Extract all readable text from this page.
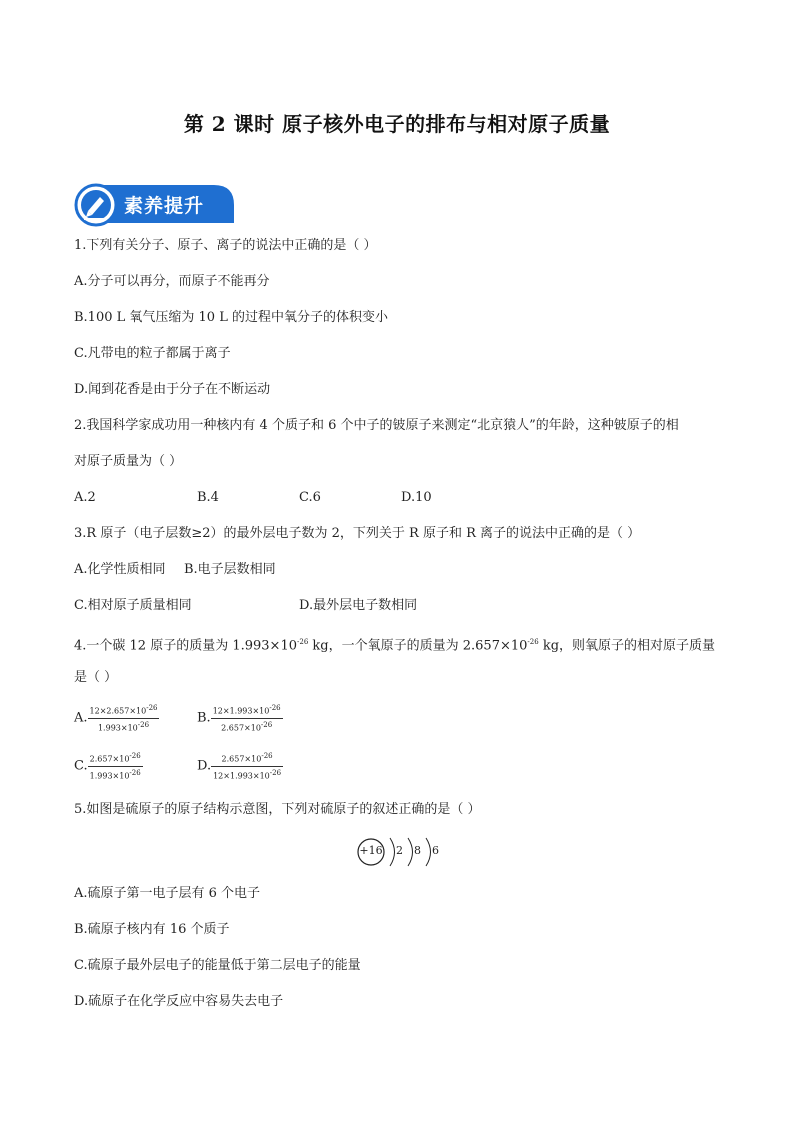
第 2 课时 原子核外电子的排布与相对原子质量
素养提升
1.下列有关分子、原子、离子的说法中正确的是（ ）
A.分子可以再分，而原子不能再分
B.100 L 氧气压缩为 10 L 的过程中氧分子的体积变小
C.凡带电的粒子都属于离子
D.闻到花香是由于分子在不断运动
2.我国科学家成功用一种核内有 4 个质子和 6 个中子的铍原子来测定“北京猿人”的年龄，这种铍原子的相
对原子质量为（ ）
A.2	B.4	C.6	D.10
3.R 原子（电子层数≥2）的最外层电子数为 2，下列关于 R 原子和 R 离子的说法中正确的是（ ）
A.化学性质相同 B.电子层数相同
C.相对原子质量相同	D.最外层电子数相同
4.一个碳 12 原子的质量为 $1.993\times 10^{-26}$ kg，一个氧原子的质量为 $2.657\times 10^{-26}$ kg，则氧原子的相对原子质量
是（ ）
A. $\frac{12\times 2.657\times 10^{-26}}{1.993\times 10^{-26}}$	B. $\frac{12\times 1.993\times 10^{-26}}{2.657\times 10^{-26}}$
C. $\frac{2.657\times 10^{-26}}{1.993\times 10^{-26}}$	D. $\frac{2.657\times 10^{-26}}{12\times 1.993\times 10^{-26}}$
5.如图是硫原子的原子结构示意图，下列对硫原子的叙述正确的是（ ）
+16 2 8 6
A.硫原子第一电子层有 6 个电子
B.硫原子核内有 16 个质子
C.硫原子最外层电子的能量低于第二层电子的能量
D.硫原子在化学反应中容易失去电子
